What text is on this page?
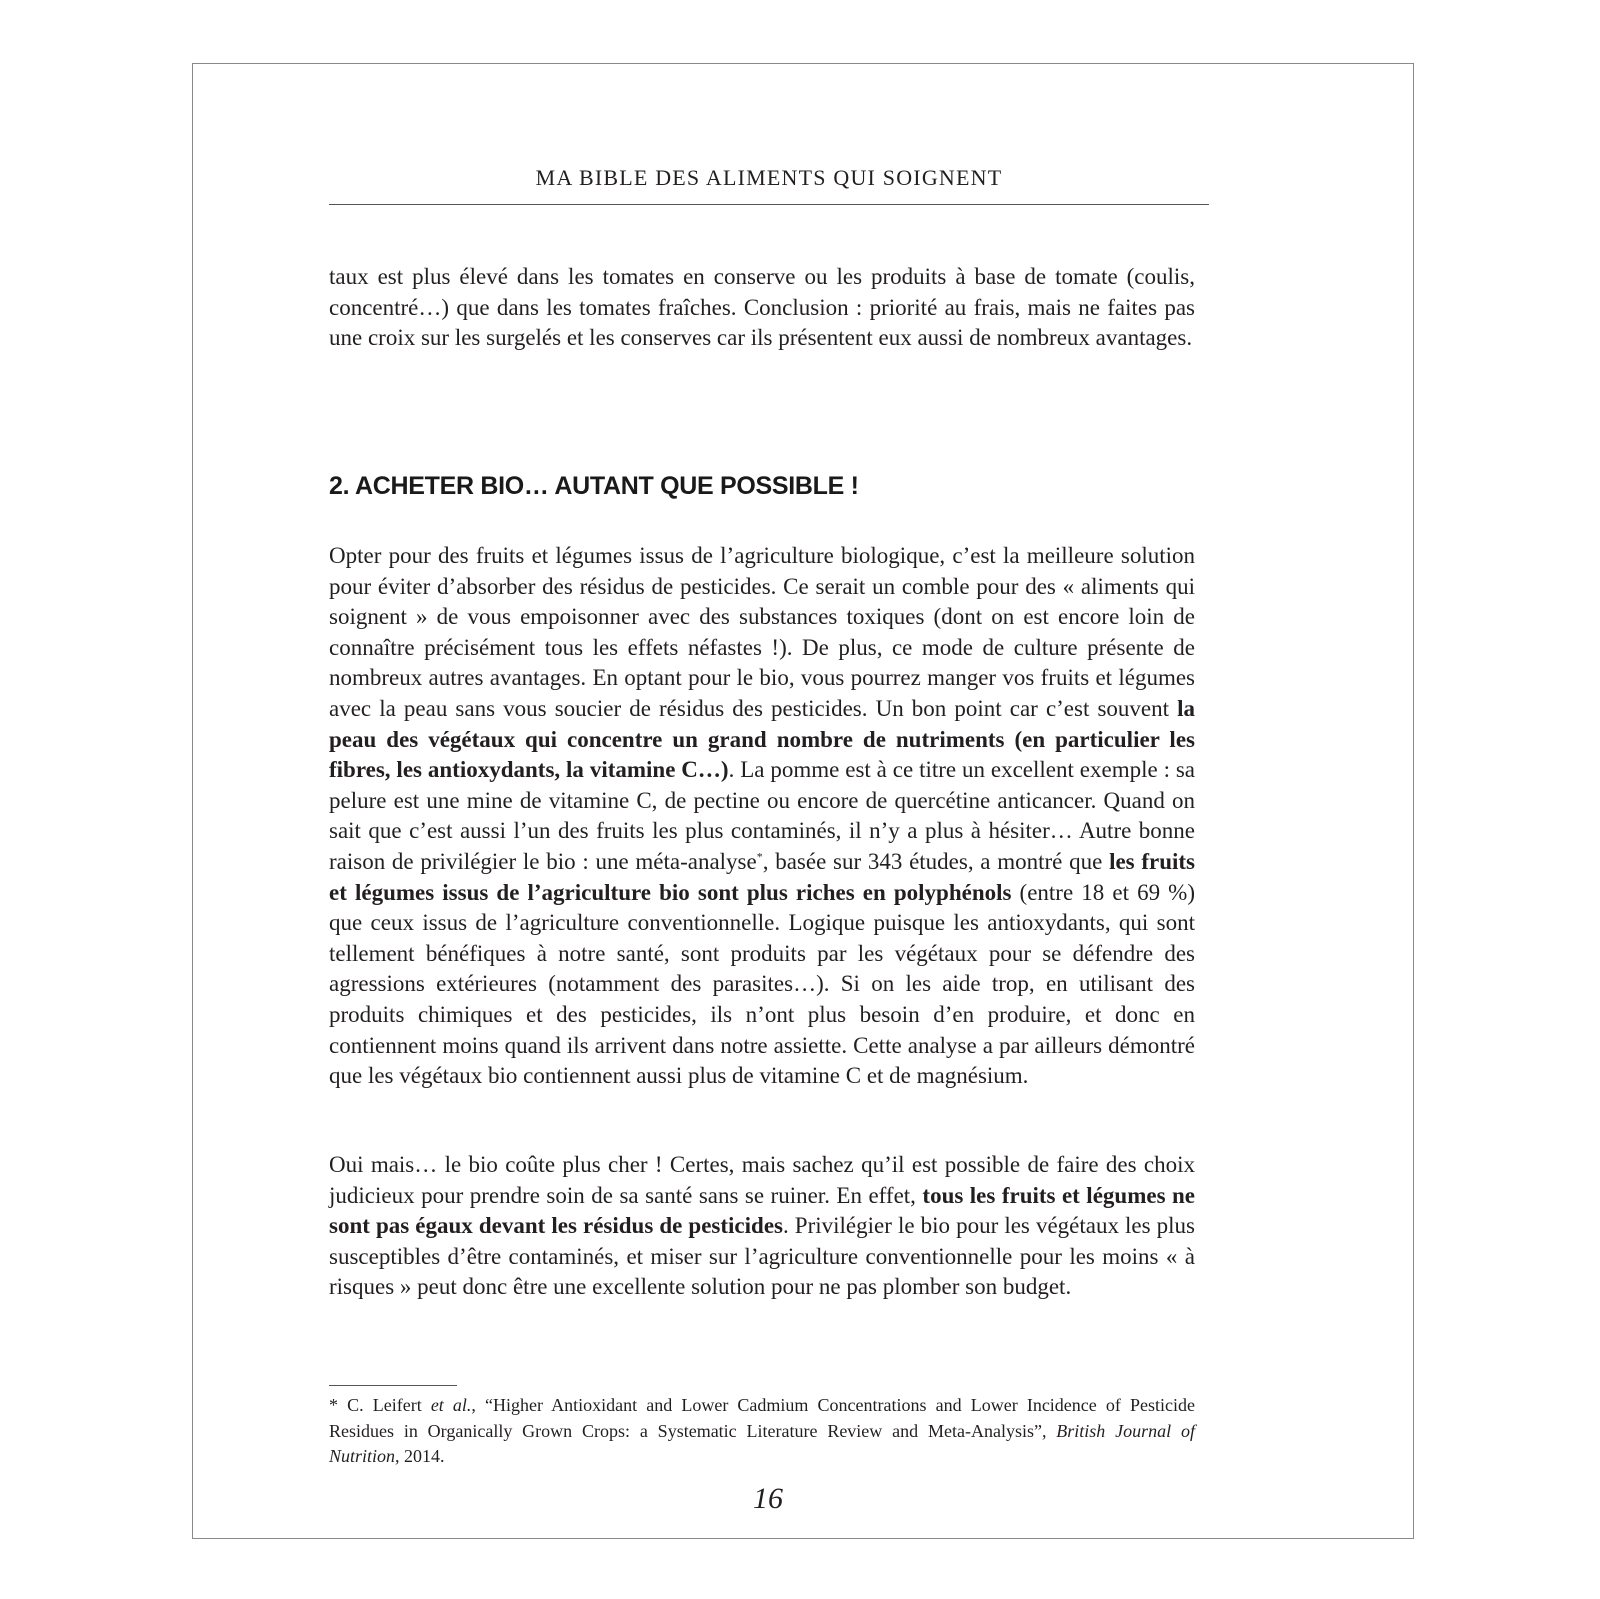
MA BIBLE DES ALIMENTS QUI SOIGNENT

taux est plus élevé dans les tomates en conserve ou les produits à base de tomate (coulis, concentré…) que dans les tomates fraîches. Conclusion : priorité au frais, mais ne faites pas une croix sur les surgelés et les conserves car ils présentent eux aussi de nombreux avantages.

2. ACHETER BIO… AUTANT QUE POSSIBLE !

Opter pour des fruits et légumes issus de l’agriculture biologique, c’est la meilleure solution pour éviter d’absorber des résidus de pesticides. Ce serait un comble pour des « aliments qui soignent » de vous empoisonner avec des substances toxiques (dont on est encore loin de connaître précisément tous les effets néfastes !). De plus, ce mode de culture présente de nombreux autres avantages. En optant pour le bio, vous pourrez manger vos fruits et légumes avec la peau sans vous soucier de résidus des pesticides. Un bon point car c’est souvent la peau des végétaux qui concentre un grand nombre de nutriments (en particulier les fibres, les antioxydants, la vitamine C…). La pomme est à ce titre un excellent exemple : sa pelure est une mine de vitamine C, de pectine ou encore de quercétine anticancer. Quand on sait que c’est aussi l’un des fruits les plus contaminés, il n’y a plus à hésiter… Autre bonne raison de privilégier le bio : une méta-analyse*, basée sur 343 études, a montré que les fruits et légumes issus de l’agriculture bio sont plus riches en polyphénols (entre 18 et 69 %) que ceux issus de l’agriculture conventionnelle. Logique puisque les antioxydants, qui sont tellement bénéfiques à notre santé, sont produits par les végétaux pour se défendre des agressions extérieures (notamment des parasites…). Si on les aide trop, en utilisant des produits chimiques et des pesticides, ils n’ont plus besoin d’en produire, et donc en contiennent moins quand ils arrivent dans notre assiette. Cette analyse a par ailleurs démontré que les végétaux bio contiennent aussi plus de vitamine C et de magnésium.

Oui mais… le bio coûte plus cher ! Certes, mais sachez qu’il est possible de faire des choix judicieux pour prendre soin de sa santé sans se ruiner. En effet, tous les fruits et légumes ne sont pas égaux devant les résidus de pesticides. Privilégier le bio pour les végétaux les plus susceptibles d’être contaminés, et miser sur l’agriculture conventionnelle pour les moins « à risques » peut donc être une excellente solution pour ne pas plomber son budget.

* C. Leifert et al., “Higher Antioxidant and Lower Cadmium Concentrations and Lower Incidence of Pesticide Residues in Organically Grown Crops: a Systematic Literature Review and Meta-Analysis”, British Journal of Nutrition, 2014.

16
